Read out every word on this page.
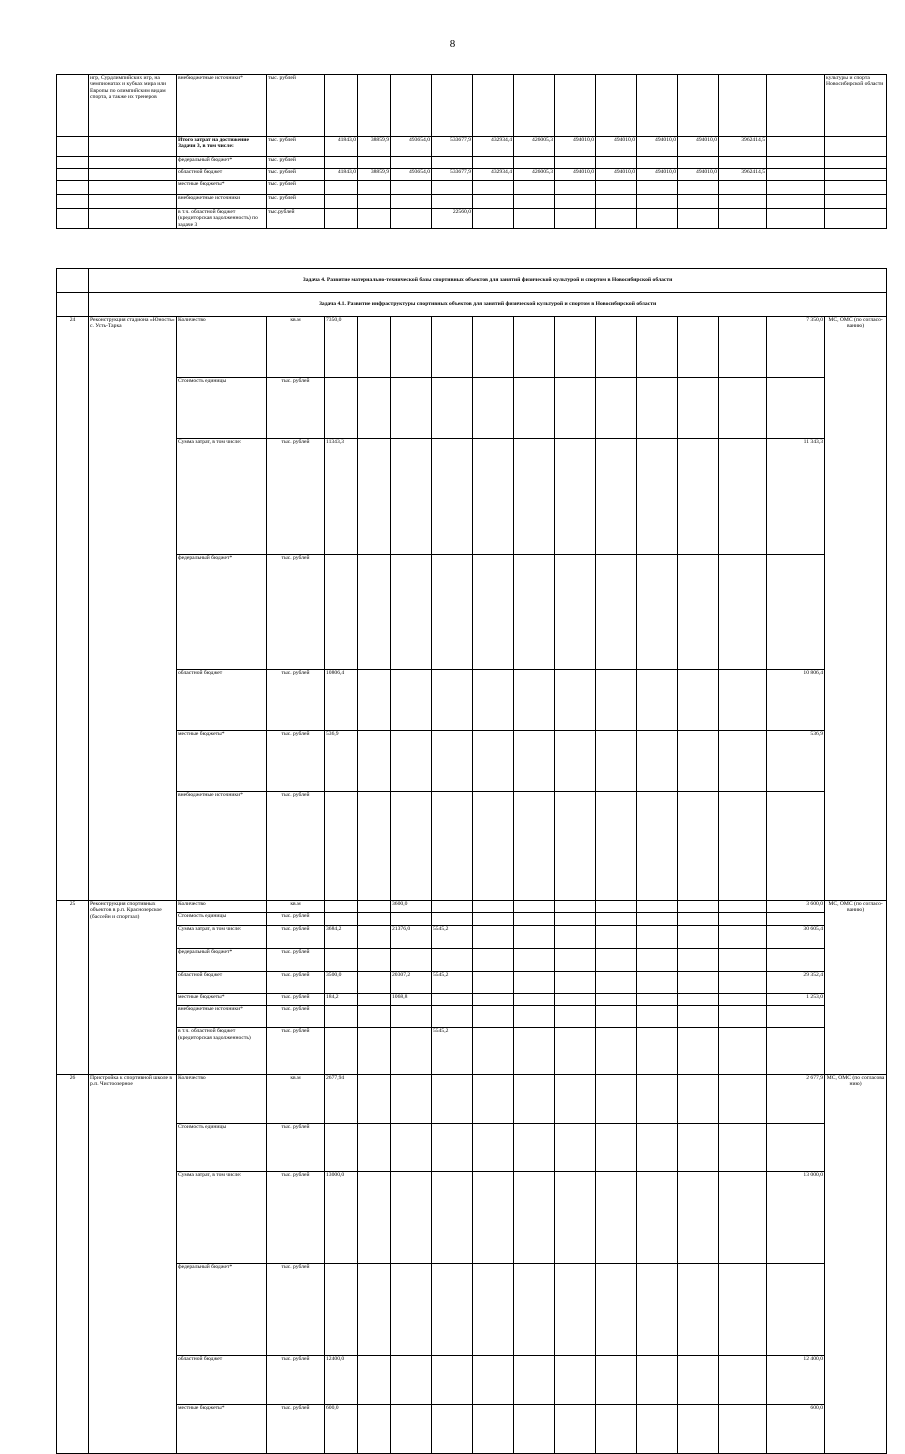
8
	игр, Сурдлимпийских игр, на чемпионатах и кубках мира или Европы по олимпийским видам спорта, а также их тренеров	внебюджетные источники*	тыс. рублей													культуры и спорта Новосибирской области
		Итого затрат на достижение Задачи 3, в том числе:	тыс. рублей	41843,0	38859,9	493654,0	533677,9	432934,4	426005,3	494010,0	494010,0	494010,0	494010,0	3962414,5		
		федеральный бюджет*	тыс. рублей													
		областной бюджет	тыс. рублей	41843,0	38859,9	493654,0	533677,9	432934,4	426005,3	494010,0	494010,0	494010,0	494010,0	3962414,5		
		местные бюджеты*	тыс. рублей													
		внебюджетные источники	тыс. рублей													
		в т.ч. областной бюджет (кредиторская задолженность) по задаче 3	тыс.рублей				22560,0									
	Задача 4. Развитие материально-технической базы спортивных объектов для занятий физической культурой и спортом в Новосибирской области																
	Задача 4.1. Развитие инфраструктуры спортивных объектов для занятий физической культурой и спортом в Новосибирской области																
24	Реконструкция стадиона «Юность» с. Усть-Тарка	Количество	кв.м	7350,0											7 350,0	МС, ОМС (по согласо-ванию)	
		Стоимость единицы	тыс. рублей														
		Сумма затрат, в том числе:	тыс. рублей	11343,3											11 343,3		
		федеральный бюджет*	тыс. рублей														
		областной бюджет	тыс. рублей	10806,4											10 806,4		
		местные бюджеты*	тыс. рублей	536,9											536,9		
		внебюджетные источники*	тыс. рублей														
25	Реконструкция спортивных объектов в р.п. Краснозерское (бассейн и спортзал)	Количество	кв.м			3600,0									3 600,0	МС, ОМС (по согласо-ванию)	
		Стоимость единицы	тыс. рублей														
		Сумма затрат, в том числе:	тыс. рублей	3684,2		21376,0	5545,2								30 605,4		
		федеральный бюджет*	тыс. рублей														
		областной бюджет	тыс. рублей	3500,0		20307,2	5545,2								29 352,4		
		местные бюджеты*	тыс. рублей	184,2		1068,8									1 253,0		
		внебюджетные источники*	тыс. рублей														
		в т.ч. областной бюджет (кредиторская задолженность)	тыс. рублей				5545,2										
26	Пристройка к спортивной школе в р.п. Чистоозерное	Количество	кв.м	2677,94											2 677,9	МС, ОМС (по согласова нию)	
		Стоимость единицы	тыс. рублей														
		Сумма затрат, в том числе:	тыс. рублей	13000,0											13 000,0		
		федеральный бюджет*	тыс. рублей														
		областной бюджет	тыс. рублей	12400,0											12 400,0		
		местные бюджеты*	тыс. рублей	600,0											600,0		
